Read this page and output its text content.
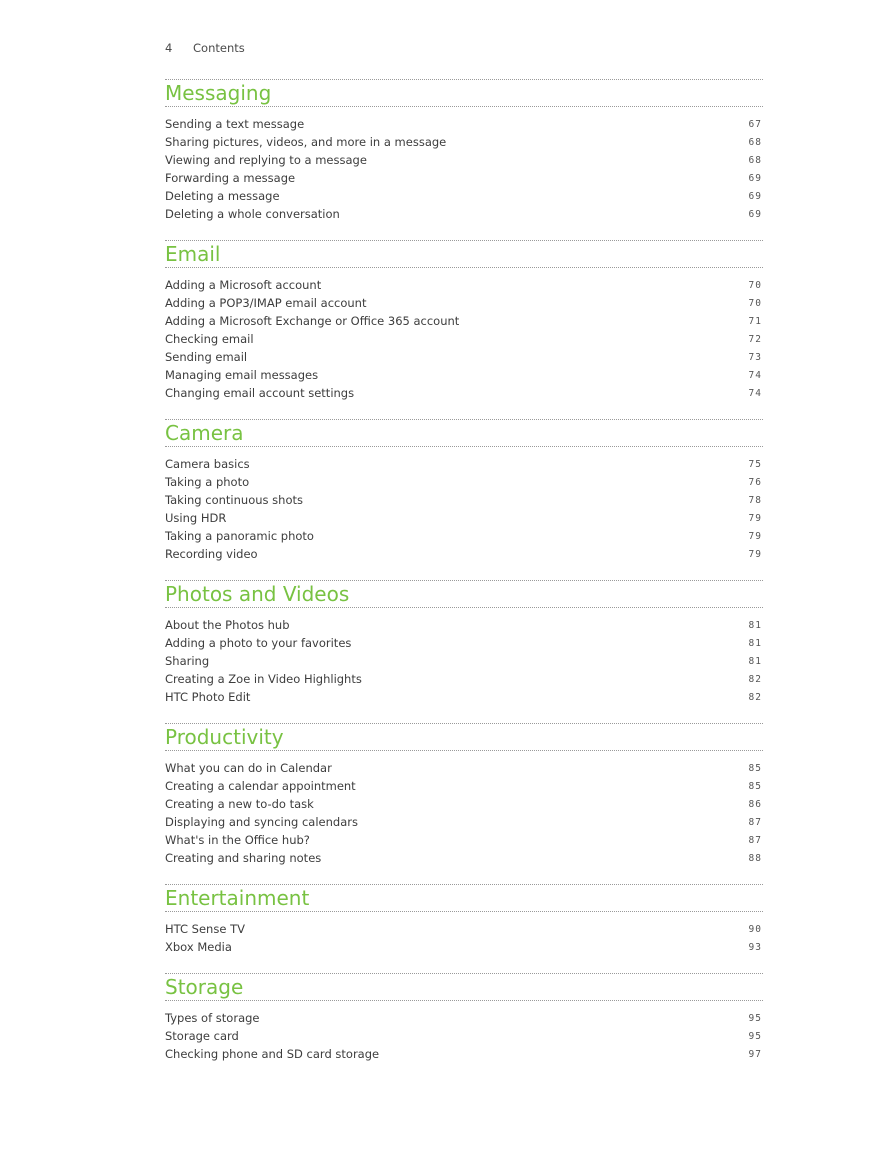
4	Contents
Messaging
Sending a text message	67
Sharing pictures, videos, and more in a message	68
Viewing and replying to a message	68
Forwarding a message	69
Deleting a message	69
Deleting a whole conversation	69
Email
Adding a Microsoft account	70
Adding a POP3/IMAP email account	70
Adding a Microsoft Exchange or Office 365 account	71
Checking email	72
Sending email	73
Managing email messages	74
Changing email account settings	74
Camera
Camera basics	75
Taking a photo	76
Taking continuous shots	78
Using HDR	79
Taking a panoramic photo	79
Recording video	79
Photos and Videos
About the Photos hub	81
Adding a photo to your favorites	81
Sharing	81
Creating a Zoe in Video Highlights	82
HTC Photo Edit	82
Productivity
What you can do in Calendar	85
Creating a calendar appointment	85
Creating a new to-do task	86
Displaying and syncing calendars	87
What's in the Office hub?	87
Creating and sharing notes	88
Entertainment
HTC Sense TV	90
Xbox Media	93
Storage
Types of storage	95
Storage card	95
Checking phone and SD card storage	97
